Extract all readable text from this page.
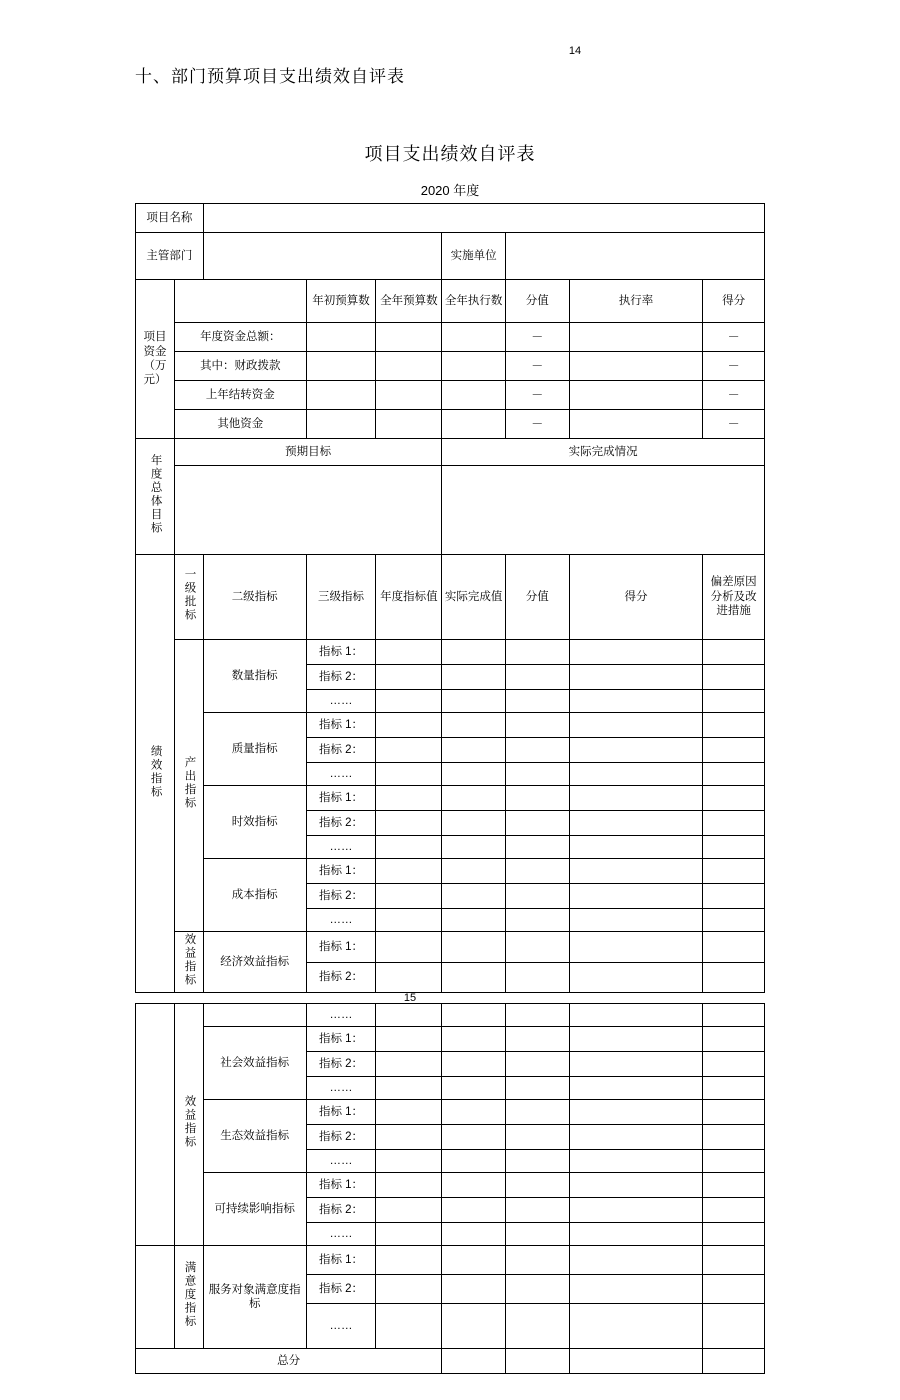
14
十、部门预算项目支出绩效自评表
项目支出绩效自评表
2020 年度
项目名称								
主管部门					实施单位			

项目资金
（万元）			年初预算数	全年预算数	全年执行数	分值	执行率	得分
	年度资金总额：					－		－
	其中：财政拨款					－		－
	上年结转资金					－		－
	其他资金					－		－
年度总体目标	预期目标				实际完成情况			

绩效指标	一级批标	二级指标	三级指标	年度指标值	实际完成值	分值	得分	偏差原因分析及改进措施
	产出指标	数量指标	指标 1：					
			指标 2：					
			……					
		质量指标	指标 1：					
			指标 2：					
			……					
		时效指标	指标 1：					
			指标 2：					
			……					
		成本指标	指标 1：					
			指标 2：					
			……					
	效益指标	经济效益指标	指标 1：					
			指标 2：					
15
	效益指标		……					
		社会效益指标	指标 1：					
			指标 2：					
			……					
		生态效益指标	指标 1：					
			指标 2：					
			……					
		可持续影响指标	指标 1：					
			指标 2：					
			……					
	满意度指标	服务对象满意度指标	指标 1：					
			指标 2：					
			……					
总分								
